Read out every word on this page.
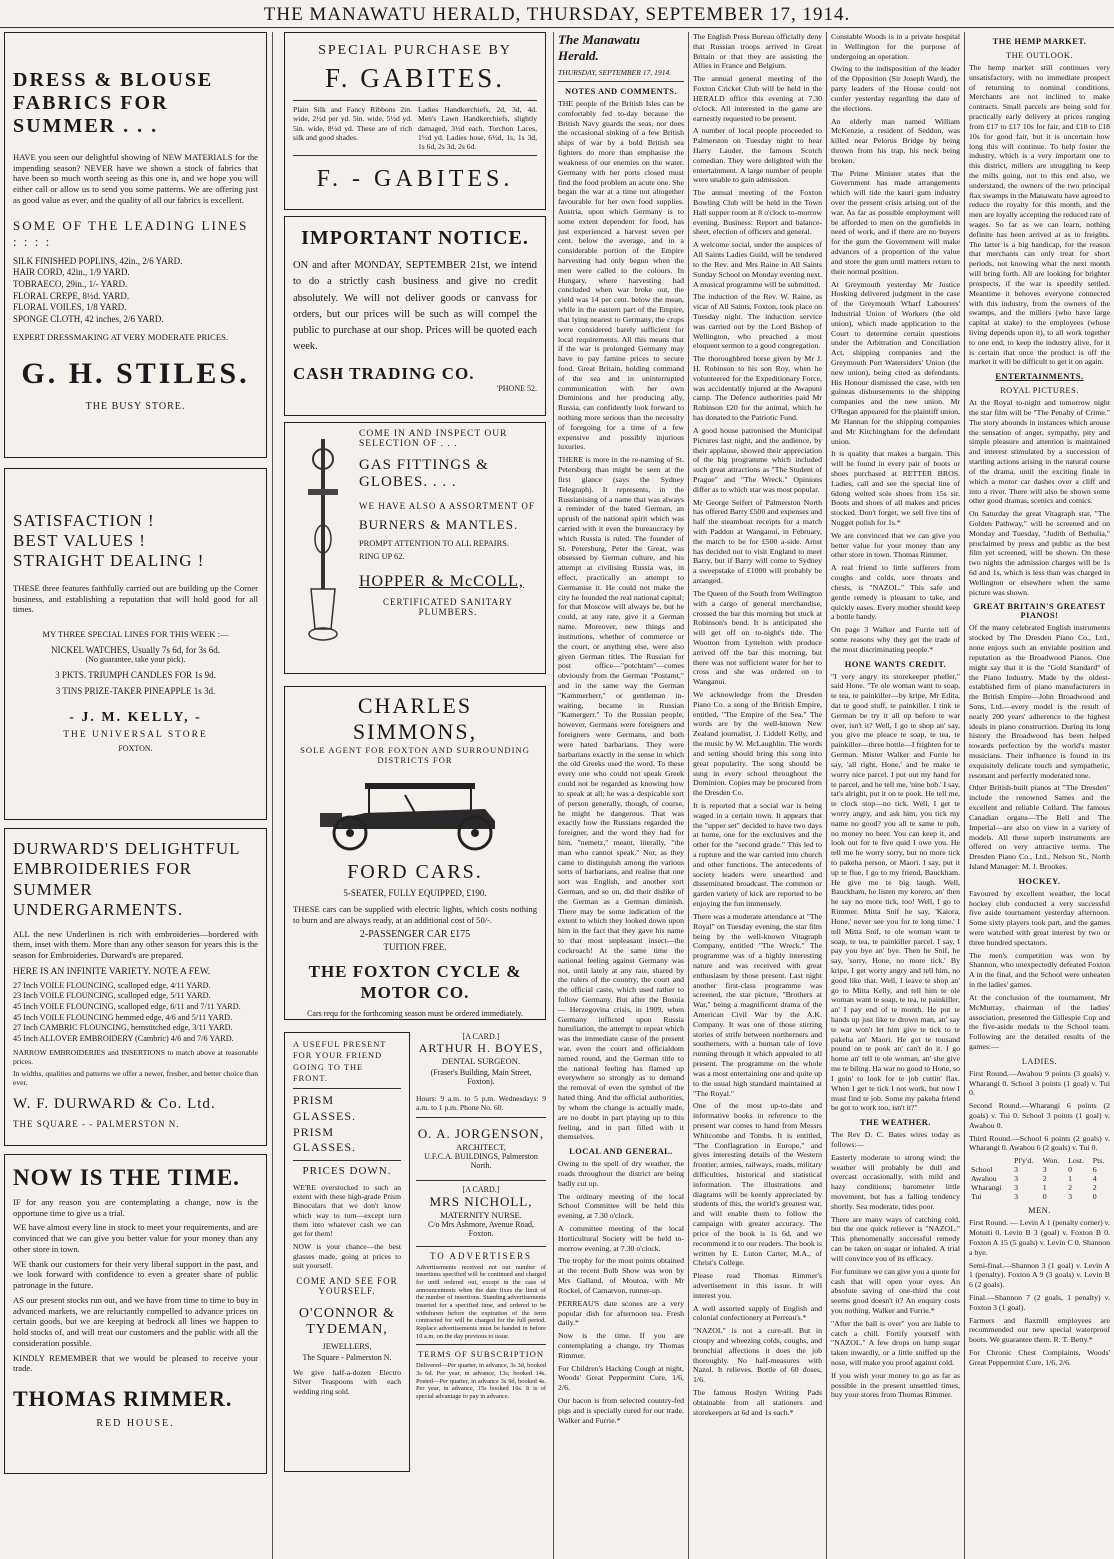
THE MANAWATU HERALD, THURSDAY, SEPTEMBER 17, 1914.
DRESS & BLOUSE FABRICS FOR SUMMER . . .
HAVE you seen our delightful showing of NEW MATERIALS for the impending season? NEVER have we shown a stock of fabrics that have been so much worth seeing as this one is, and we hope you will either call or allow us to send you some patterns. We are offering just as good value as ever, and the quality of all our fabrics is excellent.
SOME OF THE LEADING LINES : : : :
SILK FINISHED POPLINS, 42in., 2/6 YARD.
HAIR CORD, 42in., 1/9 YARD.
TOBRAECO, 29in., 1/- YARD.
FLORAL CREPE, 8½d. YARD.
FLORAL VOILES, 1/8 YARD.
SPONGE CLOTH, 42 inches, 2/6 YARD.
EXPERT DRESSMAKING AT VERY MODERATE PRICES.
G. H. STILES.
THE BUSY STORE.
SATISFACTION !
BEST VALUES !
STRAIGHT DEALING !
THESE three features faithfully carried out are building up the Corner business, and establishing a reputation that will hold good for all times.
MY THREE SPECIAL LINES FOR THIS WEEK :—
NICKEL WATCHES, Usually 7s 6d, for 3s 6d.
(No guarantee, take your pick).
3 PKTS. TRIUMPH CANDLES FOR 1s 9d.
3 TINS PRIZE-TAKER PINEAPPLE 1s 3d.
- J. M. KELLY, -
THE UNIVERSAL STORE
FOXTON.
DURWARD'S DELIGHTFUL EMBROIDERIES FOR SUMMER UNDERGARMENTS.
ALL the new Underlinen is rich with embroideries—bordered with them, inset with them. More than any other season for years this is the season for Embroideries. Durward's are prepared.
HERE IS AN INFINITE VARIETY. NOTE A FEW.
27 Inch VOILE FLOUNCING, scalloped edge, 4/11 YARD.
23 Inch VOILE FLOUNCING, scalloped edge, 5/11 YARD.
45 Inch VOILE FLOUNCING, scalloped edge, 6/11 and 7/11 YARD.
45 Inch VOILE FLOUNCING hemmed edge, 4/6 and 5/11 YARD.
27 Inch CAMBRIC FLOUNCING, hemstitched edge, 3/11 YARD.
45 Inch ALLOVER EMBROIDERY (Cambric) 4/6 and 7/6 YARD.
NARROW EMBROIDERIES and INSERTIONS to match above at reasonable prices.
In widths, qualities and patterns we offer a newer, fresher, and better choice than ever.
W. F. DURWARD & Co. Ltd.
THE SQUARE - - PALMERSTON N.
NOW IS THE TIME.
IF for any reason you are contemplating a change, now is the opportune time to give us a trial.
WE have almost every line in stock to meet your requirements, and are convinced that we can give you better value for your money than any other store in town.
WE thank our customers for their very liberal support in the past, and we look forward with confidence to even a greater share of public patronage in the future.
AS our present stocks run out, and we have from time to time to buy in advanced markets, we are reluctantly compelled to advance prices on certain goods, but we are keeping at bedrock all lines we happen to hold stocks of, and will treat our customers and the public with all the consideration possible.
KINDLY REMEMBER that we would be pleased to receive your trade.
THOMAS RIMMER.
RED HOUSE.
SPECIAL PURCHASE BY
F. GABITES.
Plain Silk and Fancy Ribbons 2in. wide, 2½d per yd. 5in. wide, 5½d yd. 5in. wide, 8½d yd. These are of rich silk and good shades.
Ladies Handkerchiefs, 2d, 3d, 4d. Men's Lawn Handkerchiefs, slightly damaged, 3½d each. Torchon Laces, 1½d yd. Ladies hose, 6½d, 1s, 1s 3d, 1s 6d, 2s 3d, 2s 6d.
F. - GABITES.
IMPORTANT NOTICE.
ON and after MONDAY, SEPTEMBER 21st, we intend to do a strictly cash business and give no credit absolutely. We will not deliver goods or canvass for orders, but our prices will be such as will compel the public to purchase at our shop. Prices will be quoted each week.
CASH TRADING CO.
'PHONE 52.
COME IN AND INSPECT OUR SELECTION OF . . .
GAS FITTINGS & GLOBES. . . .
WE HAVE ALSO A ASSORTMENT OF
BURNERS & MANTLES.
PROMPT ATTENTION TO ALL REPAIRS.
RING UP 62.
HOPPER & McCOLL,
CERTIFICATED SANITARY PLUMBERS.
CHARLES SIMMONS,
SOLE AGENT FOR FOXTON AND SURROUNDING DISTRICTS FOR
FORD CARS.
5-SEATER, FULLY EQUIPPED, £190.
THESE cars can be supplied with electric lights, which costs nothing to burn and are always ready, at an additional cost of 50/-.
2-PASSENGER CAR £175
TUITION FREE.
THE FOXTON CYCLE & MOTOR CO.
Cars requ for the forthcoming season must be ordered immediately.
A USEFUL PRESENT FOR YOUR FRIEND GOING TO THE FRONT.
PRISM GLASSES. PRISM GLASSES.
PRICES DOWN.
WE'RE overstocked to such an extent with these high-grade Prism Binoculars that we don't know which way to turn—except turn them into whatever cash we can get for them!
NOW is your chance—the best glasses made, going at prices to suit yourself.
COME AND SEE FOR YOURSELF.
O'CONNOR & TYDEMAN,
JEWELLERS,
The Square - Palmerston N.
We give half-a-dozen Electro Silver Teaspoons with each wedding ring sold.
[A CARD.]
ARTHUR H. BOYES,
DENTAL SURGEON.
(Fraser's Building, Main Street, Foxton).
Hours: 9 a.m. to 5 p.m. Wednesdays: 9 a.m. to 1 p.m. Phone No. 60.
O. A. JORGENSON,
ARCHITECT,
U.F.C.A. BUILDINGS, Palmerston North.
[A CARD.]
MRS NICHOLL,
MATERNITY NURSE.
C/o Mrs Ashmore, Avenue Road, Foxton.
TO ADVERTISERS
Advertisements received not out number of insertions specified will be continued and charged for until ordered out, except in the case of announcements when the date fixes the limit of the number of insertions. Standing advertisements inserted for a specified time, and ordered to be withdrawn before the expiration of the term contracted for will be charged for the full period. Replace advertisements must be handed in before 10 a.m. on the day previous to issue.
TERMS OF SUBSCRIPTION
Delivered—Per quarter, in advance, 3s 3d, booked 3s 6d. Per year, in advance, 13s; booked 14s. Posted—Per quarter, in advance 3s 9d, booked 4s. Per year, in advance, 15s booked 16s. It is of special advantage to pay in advance.
The Manawatu Herald.
THURSDAY, SEPTEMBER 17, 1914.
NOTES AND COMMENTS.
THE people of the British Isles can be comfortably fed to-day because the British Navy guards the seas, nor does the occasional sinking of a few British ships of war by a bold British sea fighters do more than emphasise the weakness of our enemies on the water. Germany with her ports closed must find the food problem an acute one. She began the war at a time not altogether favourable for her own food supplies. Austria, upon which Germany is to some extent dependent for food, has just experienced a harvest seven per cent. below the average, and in a considerable portion of the Empire harvesting had only begun when the men were called to the colours. In Hungary, where harvesting had concluded when war broke out, the yield was 14 per cent. below the mean, while in the eastern part of the Empire, that lying nearest to Germany, the crops were considered barely sufficient for local requirements. All this means that if the war is prolonged Germany may have to pay famine prices to secure food. Great Britain, holding command of the sea and in uninterrupted communication with her own Dominions and her producing ally, Russia, can confidently look forward to nothing more serious than the necessity of foregoing for a time of a few expensive and possibly injurious luxuries.
THERE is more in the re-naming of St. Petersburg than might be seen at the first glance (says the Sydney Telegraph). It represents, in the Russianising of a name that was always a reminder of the hated German, an uprush of the national spirit which was carried with it even the bureaucracy by which Russia is ruled. The founder of St. Petersburg, Peter the Great, was obsessed by German culture, and his attempt at civilising Russia was, in effect, practically an attempt to Germanise it. He could not make the city he founded the real national capital; for that Moscow will always be, but he could, at any rate, give it a German name. Moreover, new things and institutions, whether of commerce or the court, or anything else, were also given German titles. The Russian for post office—"potchtam"—comes obviously from the German "Postamt," and in the same way the German "Kammerherr," or gentleman in-waiting, became in Russian "Kamergerr." To the Russian people, however, Germans were foreigners and foreigners were Germans, and both were hated barbarians. They were barbarians exactly in the sense in which the old Greeks used the word. To these every one who could not speak Greek could not be regarded as knowing how to speak at all; he was a despicable sort of person generally, though, of course, he might be dangerous. That was exactly how the Russians regarded the foreigner, and the word they had for him, "nemetz," meant, literally, "the man who cannot speak." Nor, as they came to distinguish among the various sorts of barbarians, and realise that one sort was English, and another sort German, and so on, did their dislike of the German as a German diminish. There may be some indication of the extent to which they looked down upon him in the fact that they gave his name to that most unpleasant insect—the cockroach! At the same time the national feeling against Germany was not, until lately at any rate, shared by the rulers of the country, the court and the official caste, which used rather to follow Germany. But after the Bosnia — Herzegovina crisis, in 1909, when Germany inflicted upon Russia humiliation, the attempt to repeat which was the immediate cause of the present war, even the court and officialdom turned round, and the German title to the national feeling has flamed up everywhere so strongly as to demand the removal of even the symbol of the hated thing. And the official authorities, by whom the change is actually made, are no doubt in part playing up to this feeling, and in part filled with it themselves.
LOCAL AND GENERAL.
Owing to the spell of dry weather, the roads throughout the district are being badly cut up.
The ordinary meeting of the local School Committee will be held this evening, at 7.30 o'clock.
A committee meeting of the local Horticultural Society will be held to-morrow evening, at 7.30 o'clock.
The trophy for the most points obtained at the recent Bulb Show was won by Mrs Galland, of Moutoa, with Mr Rockel, of Carnarvon, runner-up.
PERREAU'S date scones are a very popular dish for afternoon tea. Fresh daily.*
Now is the time. If you are contemplating a change, try Thomas Rimmer.
For Children's Hacking Cough at night, Woods' Great Peppermint Cure, 1/6, 2/6.
Our bacon is from selected country-fed pigs and is specially cured for our trade. Walker and Furrie.*
The English Press Bureau officially deny that Russian troops arrived in Great Britain or that they are assisting the Allies in France and Belgium.
The annual general meeting of the Foxton Cricket Club will be held in the HERALD office this evening at 7.30 o'clock. All interested in the game are earnestly requested to be present.
A number of local people proceeded to Palmerston on Tuesday night to hear Harry Lauder, the famous Scotch comedian. They were delighted with the entertainment. A large number of people were unable to gain admission.
The annual meeting of the Foxton Bowling Club will be held in the Town Hall supper room at 8 o'clock to-morrow evening. Business: Report and balance-sheet, election of officers and general.
A welcome social, under the auspices of All Saints Ladies Guild, will be tendered to the Rev. and Mrs Raine in All Saints Sunday School on Monday evening next. A musical programme will be submitted.
The induction of the Rev. W. Raine, as vicar of All Saints, Foxton, took place on Tuesday night. The induction service was carried out by the Lord Bishop of Wellington, who preached a most eloquent sermon to a good congregation.
The thoroughbred horse given by Mr J. H. Robinson to his son Roy, when he volunteered for the Expeditionary Force, was accidentally injured at the Awapuni camp. The Defence authorities paid Mr Robinson £20 for the animal, which he has donated to the Patriotic Fund.
A good house patronised the Municipal Pictures last night, and the audience, by their applause, showed their appreciation of the big programme which included such great attractions as "The Student of Prague" and "The Wreck." Opinions differ as to which star was most popular.
Mr George Seifert of Palmerston North has offered Barry £500 and expenses and half the steamboat receipts for a match with Paddon at Wanganui, in February, the match to be for £500 a-side. Arnst has decided not to visit England to meet Barry, but if Barry will come to Sydney a sweepstake of £1000 will probably be arranged.
The Queen of the South from Wellington with a cargo of general merchandise, crossed the bar this morning but stuck at Robinson's bend. It is anticipated she will get off on to-night's tide. The Wootton from Lyttelton with produce arrived off the bar this morning, but there was not sufficient water for her to cross and she was ordered on to Wanganui.
We acknowledge from the Dresden Piano Co. a song of the British Empire, entitled, "The Empire of the Sea." The words are by the well-known New Zealand journalist, J. Liddell Kelly, and the music by W. McLaughlin. The words and setting should bring this song into great popularity. The song should be sung in every school throughout the Dominion. Copies may be procured from the Dresden Co.
It is reported that a social war is being waged in a certain town. It appears that the "upper set" decided to have two days at home, one for the exclusives and the other for the "second grade." This led to a rupture and the war carried into church and other functions. The antecedents of society leaders were unearthed and disseminated broadcast. The common or garden variety of kick are reported to be enjoying the fun immensely.
There was a moderate attendance at "The Royal" on Tuesday evening, the star film being by the well-known Vitagraph Company, entitled "The Wreck." The programme was of a highly interesting nature and was received with great enthusiasm by those present. Last night another first-class programme was screened, the star picture, "Brothers at War," being a magnificent drama of the American Civil War by the A.K. Company. It was one of those stirring stories of strife between northerners and southerners, with a human tale of love running through it which appealed to all present. The programme on the whole was a most entertaining one and quite up to the usual high standard maintained at "The Royal."
One of the most up-to-date and informative books in reference to the present war comes to hand from Messrs Whitcombe and Tombs. It is entitled, "The Conflagration in Europe," and gives interesting details of the Western frontier, armies, railways, roads, military difficulties, historical and statistical information. The illustrations and diagrams will be keenly appreciated by students of this, the world's greatest war, and will enable them to follow the campaign with greater accuracy. The price of the book is 1s 6d, and we recommend it to our readers. The book is written by E. Luton Carter, M.A., of Christ's College.
Please read Thomas Rimmer's advertisement in this issue. It will interest you.
A well assorted supply of English and colonial confectionery at Perreau's.*
"NAZOL" is not a cure-all. But in croupy and wheezing colds, coughs, and bronchial affections it does the job thoroughly. No half-measures with Nazol. It relieves. Bottle of 60 doses, 1/6.
The famous Roslyn Writing Pads obtainable from all stationers and storekeepers at 6d and 1s each.*
Constable Woods is in a private hospital in Wellington for the purpose of undergoing an operation.
Owing to the indisposition of the leader of the Opposition (Sir Joseph Ward), the party leaders of the House could not confer yesterday regarding the date of the elections.
An elderly man named William McKenzie, a resident of Seddon, was killed near Pelorus Bridge by being thrown from his trap, his neck being broken.
The Prime Minister states that the Government has made arrangements which will tide the kauri gum industry over the present crisis arising out of the war. As far as possible employment will be afforded to men on the gumfields in need of work, and if there are no buyers for the gum the Government will make advances of a proportion of the value and store the gum until matters return to their normal position.
At Greymouth yesterday Mr Justice Hosking delivered judgment in the case of the Greymouth Wharf Labourers' Industrial Union of Workers (the old union), which made application to the Court to determine certain questions under the Arbitration and Conciliation Act, shipping companies and the Greymouth Port Watersiders' Union (the new union), being cited as defendants. His Honour dismissed the case, with ten guineas disbursements to the shipping companies and the new union. Mr O'Regan appeared for the plaintiff union, Mr Hannan for the shipping companies and Mr Kitchingham for the defendant union.
It is quality that makes a bargain. This will be found in every pair of boots or shoes purchased at RETTER BROS. Ladies, call and see the special line of 6dong welted sole shoes from 15s sir. Boots and shoes of all makes and prices stocked. Don't forget, we sell five tins of Nugget polish for 1s.*
We are convinced that we can give you better value for your money than any other store in town. Thomas Rimmer.
A real friend to little sufferers from coughs and colds, sore throats and chests, is "NAZOL." This safe and gentle remedy is pleasant to take, and quickly eases. Every mother should keep a bottle handy.
On page 3 Walker and Furrie tell of some reasons why they get the trade of the most discriminating people.*
HONE WANTS CREDIT.
"I very angry its storekeeper pheller," said Hone. "Te ole woman want to soap, te tea, te painkiller—by kripe, Mr Edita, dat te good stuff, te painkiller. I tink te German be try it all up before te war over, isn't it? Well, I go te shop an' say, you give me pleace te soap, te tea, te painkiller—three bottle—I frighten for te German. Mister Walker and Furrie he say, 'all right, Hone,' and he make te worry nice parcel. I put out my hand for te parcel, and he tell me, 'nine bob.' I say, tat's alright, put it on te pook. He tell me, te clock stop—no tick. Well, I get te worry angry, and ask him, you tick my name no good? you all te same te pub, no money no beer. You can keep it, and look out for te five quid I owe you. He tell me he worry sorry, but no more tick to pakeha person, or Maori. I say, put it up te flue, I go to my friend, Bauckham. He give me te big laugh. Well, Bauckham, he listen my korero, an' then he say no more tick, too! Well, I go to Rimmer. Mitta Snif he say, 'Kaiora, Hone,' never see you for te long time.' I tell Mitta Snif, te ole woman want te soap, te tea, te painkiller parcel. I say, I pay you bye an' bye. Then he Snif, he say, 'sorry, Hone, no more tick.' By kripe, I get worry angry and tell him, no good like that. Well, I leave te shop an' go to Mitta Kelly, and tell him te ole woman want te soap, te tea, te painkiller, an' I pay end of te month. He put te hands up just like te drown man, an' say te war won't let him give te tick to te pakeha an' Maori. He got te tousand pound on te pook an' can't do it. I go home an' tell te ole woman, an' she give me te biling. Ha war no good to Hone, so I goin' to look for te job cuttin' flax. When I get te tick I not work, but now I must find te job. Some my pakeha friend be got to work too, isn't it?"
THE WEATHER.
The Rev D. C. Bates wires today as follows:—
Easterly moderate to strong wind; the weather will probably be dull and overcast occasionally, with mild and hazy conditions; barometer little movement, but has a falling tendency shortly. Sea moderate, tides poor.
There are many ways of catching cold, but the one quick reliever is "NAZOL." This phenomenally successful remedy can be taken on sugar or inhaled. A trial will convince you of its efficacy.
For furniture we can give you a quote for cash that will open your eyes. An absolute saving of one-third the cost seems good doesn't it? An enquiry costs you nothing. Walker and Furrie.*
"After the ball is over" you are liable to catch a chill. Fortify yourself with "NAZOL." A few drops on lump sugar taken inwardly, or a little sniffed up the nose, will make you proof against cold.
If you wish your money to go as far as possible in the present unsettled times, buy your stores from Thomas Rimmer.
THE HEMP MARKET.
THE OUTLOOK.
The hemp market still continues very unsatisfactory, with no immediate prospect of returning to nominal conditions. Merchants are not inclined to make contracts. Small parcels are being sold for practically early delivery at prices ranging from £17 to £17 10s for fair, and £18 to £18 10s for good fair, but it is uncertain how long this will continue. To help foster the industry, which is a very important one to this district, millers are struggling to keep the mills going, not to this end also, we understand, the owners of the two principal flax swamps in the Manawatu have agreed to reduce the royalty for this month, and the men are loyally accepting the reduced rate of wages. So far as we can learn, nothing definite has been arrived at as to freights. The latter is a big handicap, for the reason that merchants can only treat for short periods, not knowing what the next month will bring forth. All are looking for brighter prospects, if the war is speedily settled. Meantime it behoves everyone connected with this industry, from the owners of the swamps, and the millers (who have large capital at stake) to the employees (whose living depends upon it), to all work together to one end, to keep the industry alive, for it is certain that once the product is off the market it will be difficult to get it on again.
ENTERTAINMENTS.
ROYAL PICTURES.
At the Royal to-night and tomorrow night the star film will be "The Penalty of Crime." The story abounds in instances which arouse the sensation of anger, sympathy, pity and simple pleasure and attention is maintained and interest stimulated by a succession of startling actions arising in the natural course of the drama, until the exciting finale in which a motor car dashes over a cliff and into a river. There will also be shown some other good dramas, scenics and comics.
On Saturday the great Vitagraph star, "The Golden Pathway," will be screened and on Monday and Tuesday, "Judith of Bethulia," proclaimed by press and public as the best film yet screened, will be shown. On these two nights the admission charges will be 1s 6d and 1s, which is less than was charged in Wellington or elsewhere when the same picture was shown.
GREAT BRITAIN'S GREATEST PIANOS!
Of the many celebrated English instruments stocked by The Dresden Piano Co., Ltd., none enjoys such an enviable position and reputation as the Broadwood Pianos. One might say that it is the "Gold Standard" of the Piano Industry. Made by the oldest-established firm of piano manufacturers in the British Empire—John Broadwood and Sons, Ltd.—every model is the result of nearly 200 years' adherence to the highest ideals in piano construction. During its long history the Broadwood has been helped towards perfection by the world's master musicians. Their influence is found in its exquisitely delicate touch and sympathetic, resonant and perfectly moderated tone.
Other British-built pianos at "The Dresden" include the renowned Sames and the excellent and reliable Collard. The famous Canadian organs—The Bell and The Imperial—are also on view in a variety of models. All these superb instruments are offered on very attractive terms. The Dresden Piano Co., Ltd., Nelson St., North Island Manager: M. J. Brookes.
HOCKEY.
Favoured by excellent weather, the local hockey club conducted a very successful five aside tournament yesterday afternoon. Some sixty players took part, and the games were watched with great interest by two or three hundred spectators.
The men's competition was won by Shannon, who unexpectedly defeated Foxton A in the final, and the School were unbeaten in the ladies' games.
At the conclusion of the tournament, Mr McMurray, chairman of the ladies' association, presented the Gillespie Cup and the five-aside medals to the School team. Following are the detailed results of the games:—
LADIES.
First Round.—Awahou 9 points (3 goals) v. Wharangi 0. School 3 points (1 goal) v. Tui 0.
Second Round.—Wharangi 6 points (2 goals) v. Tui 0. School 3 points (1 goal) v. Awahou 0.
Third Round.—School 6 points (2 goals) v. Wharangi 0. Awahou 6 (2 goals) v. Tui 0.
	Pl'y'd.	Won.	Lost.	Pts.
School	3	3	0	6
Awahou	3	2	1	4
Wharangi	3	1	2	2
Tui	3	0	3	0
MEN.
First Round. — Levin A 1 (penalty corner) v. Motuiti 0. Levin B 3 (goal) v. Foxton B 0. Foxton A 15 (5 goals) v. Levin C 0. Shannon a bye.
Semi-final.—Shannon 3 (1 goal) v. Levin A 1 (penalty). Foxton A 9 (3 goals) v. Levin B 6 (2 goals).
Final.—Shannon 7 (2 goals, 1 penalty) v. Foxton 3 (1 goal).
Farmers and flaxmill employees are recommended our new special waterproof boots. We guarantee them. R. T. Betty.*
For Chronic Chest Complaints, Woods' Great Peppermint Cure, 1/6, 2/6.
